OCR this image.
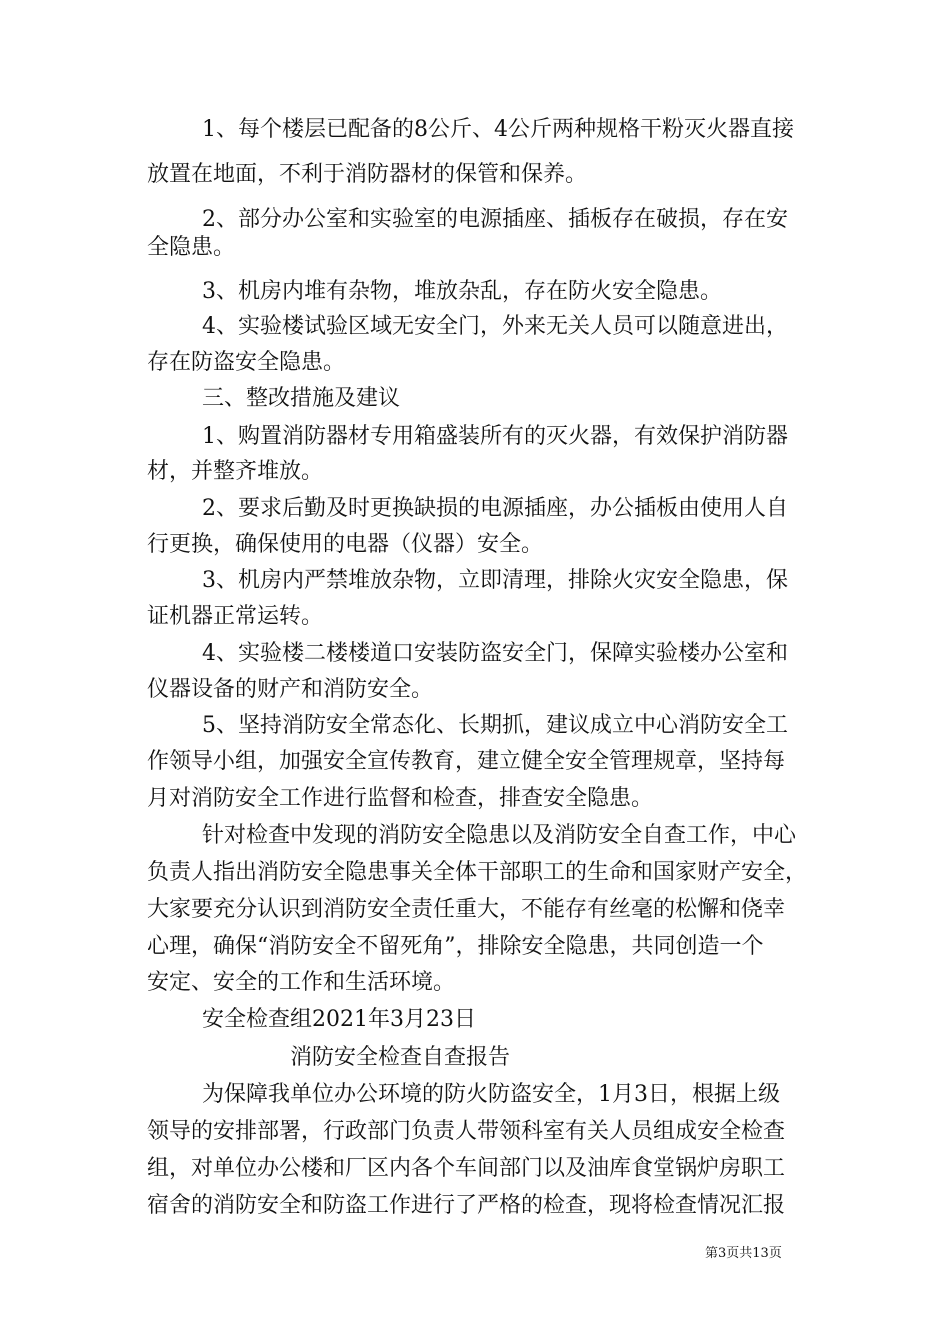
1、每个楼层已配备的8公斤、4公斤两种规格干粉灭火器直接
放置在地面，不利于消防器材的保管和保养。
2、部分办公室和实验室的电源插座、插板存在破损，存在安
全隐患。
3、机房内堆有杂物，堆放杂乱，存在防火安全隐患。
4、实验楼试验区域无安全门，外来无关人员可以随意进出，
存在防盗安全隐患。
三、整改措施及建议
1、购置消防器材专用箱盛装所有的灭火器，有效保护消防器
材，并整齐堆放。
2、要求后勤及时更换缺损的电源插座，办公插板由使用人自
行更换，确保使用的电器（仪器）安全。
3、机房内严禁堆放杂物，立即清理，排除火灾安全隐患，保
证机器正常运转。
4、实验楼二楼楼道口安装防盗安全门，保障实验楼办公室和
仪器设备的财产和消防安全。
5、坚持消防安全常态化、长期抓，建议成立中心消防安全工
作领导小组，加强安全宣传教育，建立健全安全管理规章，坚持每
月对消防安全工作进行监督和检查，排查安全隐患。
针对检查中发现的消防安全隐患以及消防安全自查工作，中心
负责人指出消防安全隐患事关全体干部职工的生命和国家财产安全，
大家要充分认识到消防安全责任重大，不能存有丝毫的松懈和侥幸
心理，确保“消防安全不留死角”，排除安全隐患，共同创造一个
安定、安全的工作和生活环境。
安全检查组2021年3月23日
消防安全检查自查报告
为保障我单位办公环境的防火防盗安全，1月3日，根据上级
领导的安排部署，行政部门负责人带领科室有关人员组成安全检查
组，对单位办公楼和厂区内各个车间部门以及油库食堂锅炉房职工
宿舍的消防安全和防盗工作进行了严格的检查，现将检查情况汇报
第3页共13页
